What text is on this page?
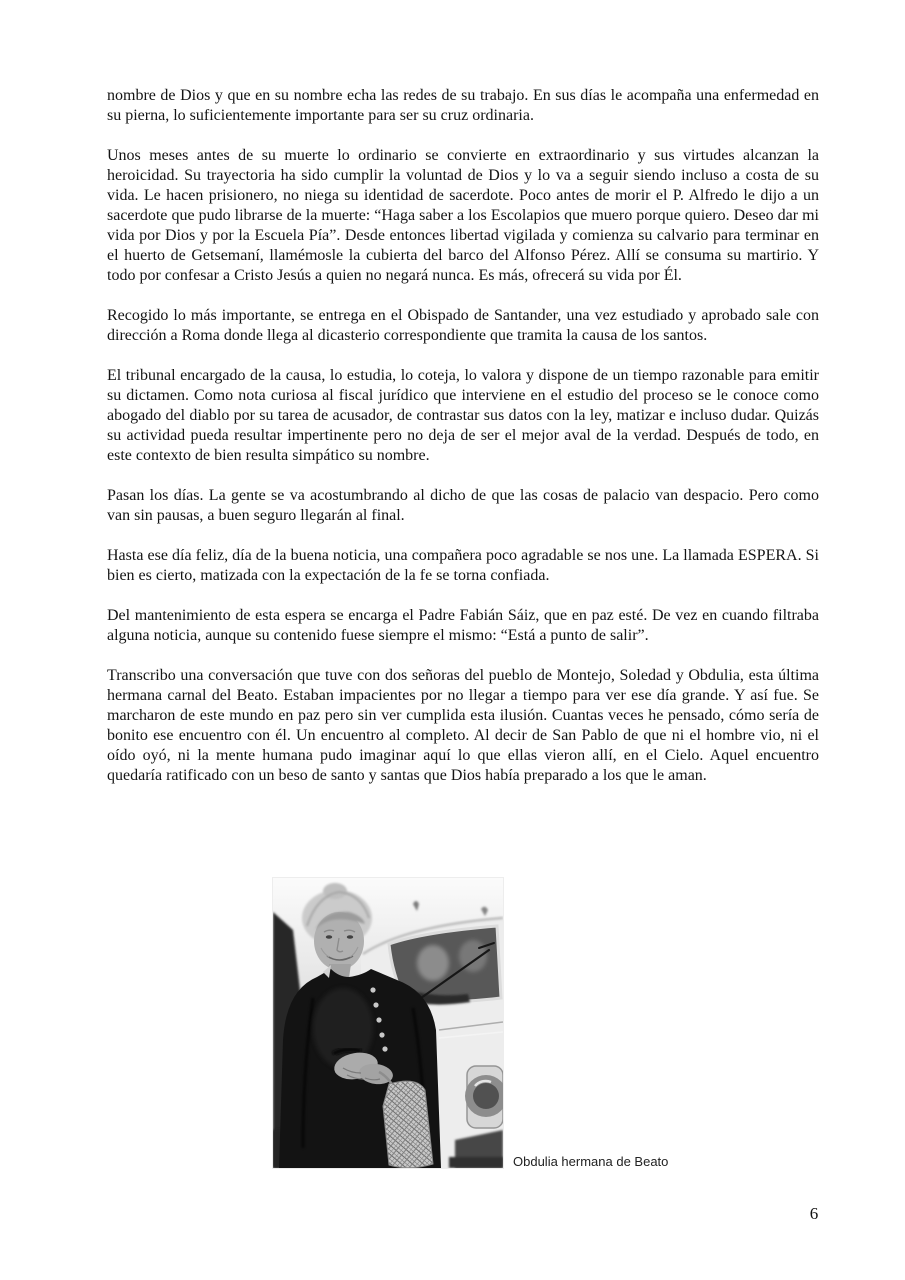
nombre de Dios y que en su nombre echa las redes de su trabajo. En sus días le acompaña una enfermedad en su pierna, lo suficientemente importante para ser su cruz ordinaria.

Unos meses antes de su muerte lo ordinario se convierte en extraordinario y sus virtudes alcanzan la heroicidad. Su trayectoria ha sido cumplir la voluntad de Dios y lo va a seguir siendo incluso a costa de su vida. Le hacen prisionero, no niega su identidad de sacerdote. Poco antes de morir el P. Alfredo le dijo a un sacerdote que pudo librarse de la muerte: “Haga saber a los Escolapios que muero porque quiero. Deseo dar mi vida por Dios y por la Escuela Pía”. Desde entonces libertad vigilada y comienza su calvario para terminar en el huerto de Getsemaní, llamémosle la cubierta del barco del Alfonso Pérez. Allí se consuma su martirio. Y todo por confesar a Cristo Jesús a quien no negará nunca. Es más, ofrecerá su vida por Él.

Recogido lo más importante, se entrega en el Obispado de Santander, una vez estudiado y aprobado sale con dirección a Roma donde llega al dicasterio correspondiente que tramita la causa de los santos.

El tribunal encargado de la causa, lo estudia, lo coteja, lo valora y dispone de un tiempo razonable para emitir su dictamen. Como nota curiosa al fiscal jurídico que interviene en el estudio del proceso se le conoce como abogado del diablo por su tarea de acusador, de contrastar sus datos con la ley, matizar e incluso dudar. Quizás su actividad pueda resultar impertinente pero no deja de ser el mejor aval de la verdad. Después de todo, en este contexto de bien resulta simpático su nombre.

Pasan los días. La gente se va acostumbrando al dicho de que las cosas de palacio van despacio. Pero como van sin pausas, a buen seguro llegarán al final.

Hasta ese día feliz, día de la buena noticia, una compañera poco agradable se nos une. La llamada ESPERA. Si bien es cierto, matizada con la expectación de la fe se torna confiada.

Del mantenimiento de esta espera se encarga el Padre Fabián Sáiz, que en paz esté. De vez en cuando filtraba alguna noticia, aunque su contenido fuese siempre el mismo: “Está a punto de salir”.

Transcribo una conversación que tuve con dos señoras del pueblo de Montejo, Soledad y Obdulia, esta última hermana carnal del Beato. Estaban impacientes por no llegar a tiempo para ver ese día grande. Y así fue. Se marcharon de este mundo en paz pero sin ver cumplida esta ilusión. Cuantas veces he pensado, cómo sería de bonito ese encuentro con él. Un encuentro al completo. Al decir de San Pablo de que ni el hombre vio, ni el oído oyó, ni la mente humana pudo imaginar aquí lo que ellas vieron allí, en el Cielo. Aquel encuentro quedaría ratificado con un beso de santo y santas que Dios había preparado a los que le aman.

Obdulia hermana de Beato
6
